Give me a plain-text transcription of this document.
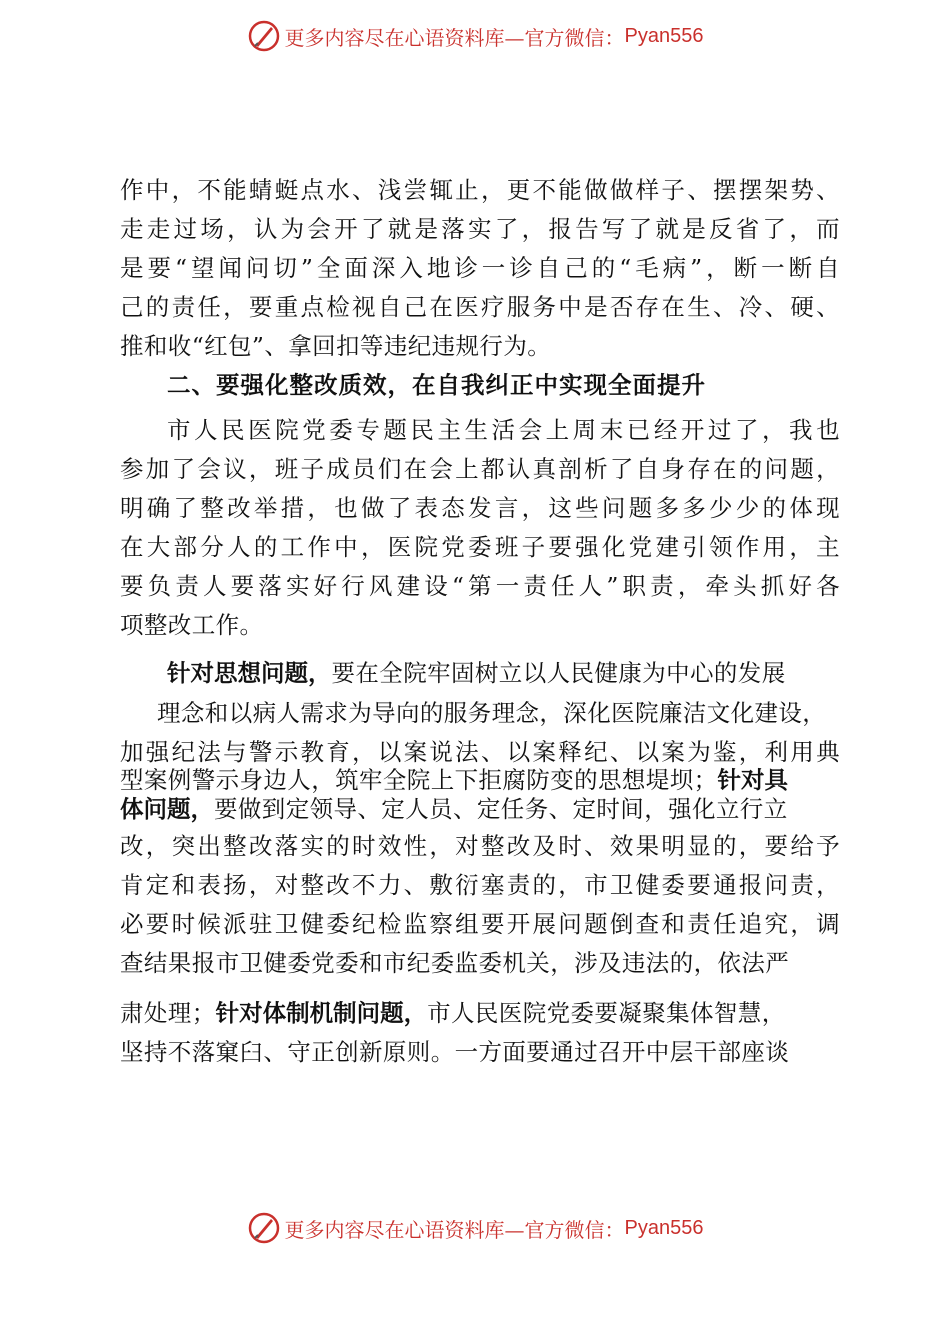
更多内容尽在心语资料库—官方微信： Pyan556
作中，不能蜻蜓点水、浅尝辄止，更不能做做样子、摆摆架势、
走走过场，认为会开了就是落实了，报告写了就是反省了，而
是要“望闻问切”全面深入地诊一诊自己的“毛病”，断一断自
己的责任，要重点检视自己在医疗服务中是否存在生、冷、硬、
推和收“红包”、拿回扣等违纪违规行为。
二、要强化整改质效，在自我纠正中实现全面提升
市人民医院党委专题民主生活会上周末已经开过了，我也
参加了会议，班子成员们在会上都认真剖析了自身存在的问题，
明确了整改举措，也做了表态发言，这些问题多多少少的体现
在大部分人的工作中，医院党委班子要强化党建引领作用，主
要负责人要落实好行风建设“第一责任人”职责，牵头抓好各
项整改工作。
针对思想问题，要在全院牢固树立以人民健康为中心的发展
理念和以病人需求为导向的服务理念，深化医院廉洁文化建设，
加强纪法与警示教育，以案说法、以案释纪、以案为鉴，利用典
型案例警示身边人，筑牢全院上下拒腐防变的思想堤坝；针对具
体问题，要做到定领导、定人员、定任务、定时间，强化立行立
改，突出整改落实的时效性，对整改及时、效果明显的，要给予
肯定和表扬，对整改不力、敷衍塞责的，市卫健委要通报问责，
必要时候派驻卫健委纪检监察组要开展问题倒查和责任追究，调
查结果报市卫健委党委和市纪委监委机关，涉及违法的，依法严
肃处理；针对体制机制问题，市人民医院党委要凝聚集体智慧，
坚持不落窠臼、守正创新原则。一方面要通过召开中层干部座谈
更多内容尽在心语资料库—官方微信： Pyan556
